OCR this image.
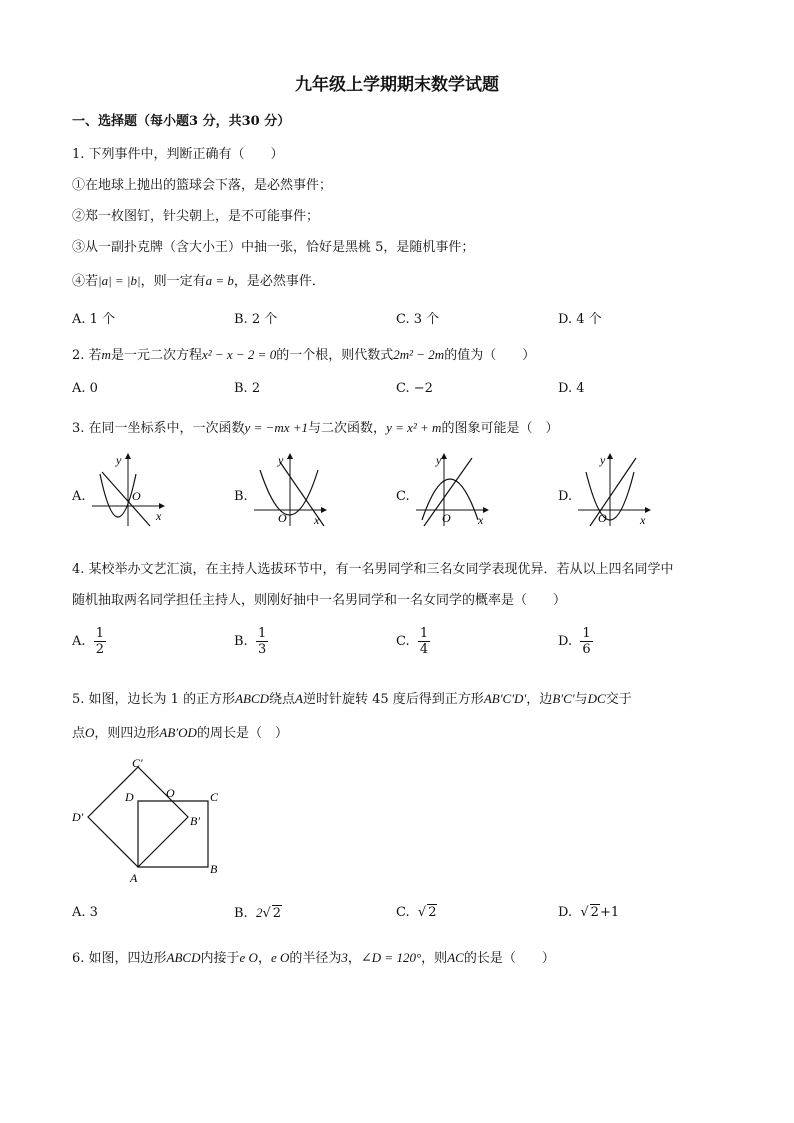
九年级上学期期末数学试题
一、选择题（每小题3 分，共30 分）
1. 下列事件中，判断正确有（　　）
①在地球上抛出的篮球会下落，是必然事件；
②郑一枚图钉，针尖朝上，是不可能事件；
③从一副扑克牌（含大小王）中抽一张，恰好是黑桃 5，是随机事件；
④若|a| = |b|，则一定有a = b，是必然事件．
A. 1 个	B. 2 个	C. 3 个	D. 4 个
2. 若m是一元二次方程x² − x − 2 = 0的一个根，则代数式2m² − 2m的值为（　　）
A. 0	B. 2	C. −2	D. 4
3. 在同一坐标系中，一次函数y = −mx +1与二次函数，y = x² + m的图象可能是（　）
A.
y
x
O	B.
y
x
O
C.
y
x
O
D.
y
x
O
4. 某校举办文艺汇演，在主持人选拔环节中，有一名男同学和三名女同学表现优异．若从以上四名同学中
随机抽取两名同学担任主持人，则刚好抽中一名男同学和一名女同学的概率是（　　）
A. $\frac{1}{2}$	B. $\frac{1}{3}$	C. $\frac{1}{4}$	D. $\frac{1}{6}$
5. 如图，边长为 1 的正方形ABCD绕点A逆时针旋转 45 度后得到正方形AB′C′D′，边B′C′与DC交于
点O，则四边形AB′OD的周长是（　）
C′
D	O	C
D′	B′
A
B
A. 3	B. 2√ 2	C.  √ 2	D.  √ 2+1
6. 如图，四边形ABCD内接于e O，e O的半径为3，∠D = 120°，则AC的长是（　　）
